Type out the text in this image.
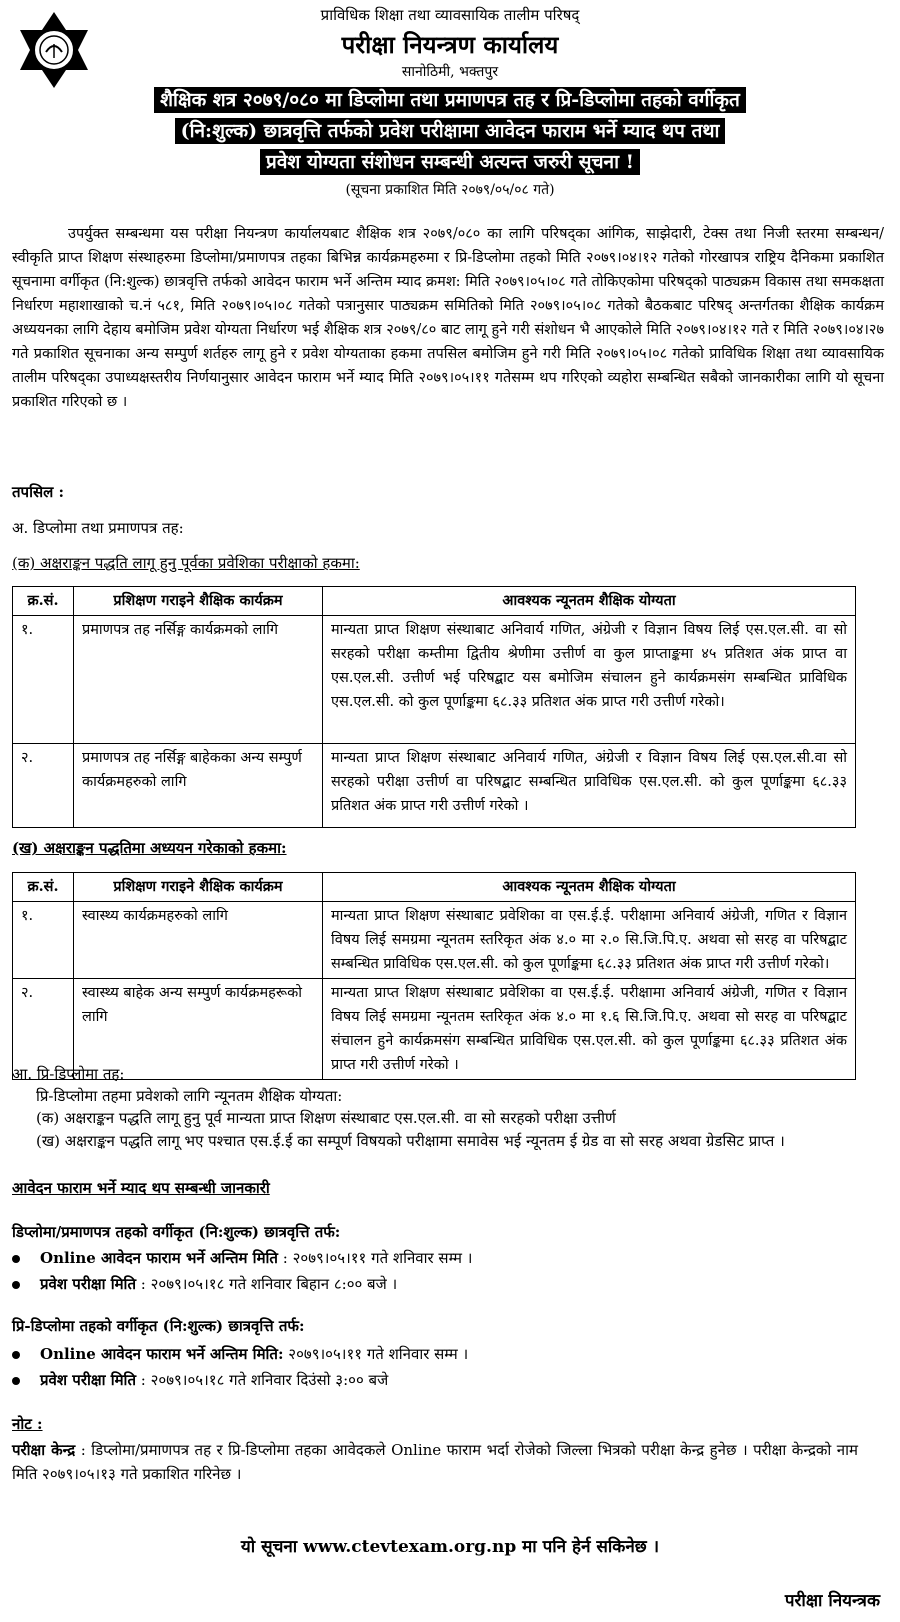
प्राविधिक शिक्षा तथा व्यावसायिक तालीम परिषद्
परीक्षा नियन्त्रण कार्यालय
सानोठिमी, भक्तपुर
शैक्षिक शत्र २०७९/०८० मा डिप्लोमा तथा प्रमाणपत्र तह र प्रि-डिप्लोमा तहको वर्गीकृत
(नि:शुल्क) छात्रवृत्ति तर्फको प्रवेश परीक्षामा आवेदन फाराम भर्ने म्याद थप तथा
प्रवेश योग्यता संशोधन सम्बन्धी अत्यन्त जरुरी सूचना !
(सूचना प्रकाशित मिति २०७९/०५/०८ गते)
उपर्युक्त सम्बन्धमा यस परीक्षा नियन्त्रण कार्यालयबाट शैक्षिक शत्र २०७९/०८० का लागि परिषद्का आंगिक, साझेदारी, टेक्स तथा निजी स्तरमा सम्बन्धन/स्वीकृति प्राप्त शिक्षण संस्थाहरुमा डिप्लोमा/प्रमाणपत्र तहका बिभिन्न कार्यक्रमहरुमा र प्रि-डिप्लोमा तहको मिति २०७९।०४।१२ गतेको गोरखापत्र राष्ट्रिय दैनिकमा प्रकाशित सूचनामा वर्गीकृत (नि:शुल्क) छात्रवृत्ति तर्फको आवेदन फाराम भर्ने अन्तिम म्याद क्रमश: मिति २०७९।०५।०८ गते तोकिएकोमा परिषद्को पाठ्यक्रम विकास तथा समकक्षता निर्धारण महाशाखाको च.नं ५८१, मिति २०७९।०५।०८ गतेको पत्रानुसार पाठ्यक्रम समितिको मिति २०७९।०५।०८ गतेको बैठकबाट परिषद् अन्तर्गतका शैक्षिक कार्यक्रम अध्ययनका लागि देहाय बमोजिम प्रवेश योग्यता निर्धारण भई शैक्षिक शत्र २०७९/८० बाट लागू हुने गरी संशोधन भै आएकोले मिति २०७९।०४।१२ गते र मिति २०७९।०४।२७ गते प्रकाशित सूचनाका अन्य सम्पुर्ण शर्तहरु लागू हुने र प्रवेश योग्यताका हकमा तपसिल बमोजिम हुने गरी मिति २०७९।०५।०८ गतेको प्राविधिक शिक्षा तथा व्यावसायिक तालीम परिषद्का उपाध्यक्षस्तरीय निर्णयानुसार आवेदन फाराम भर्ने म्याद मिति २०७९।०५।११ गतेसम्म थप गरिएको व्यहोरा सम्बन्धित सबैको जानकारीका लागि यो सूचना प्रकाशित गरिएको छ ।
तपसिल :
अ. डिप्लोमा तथा प्रमाणपत्र तह:
(क) अक्षराङ्कन पद्धति लागू हुनु पूर्वका प्रवेशिका परीक्षाको हकमा:
क्र.सं.	प्रशिक्षण गराइने शैक्षिक कार्यक्रम	आवश्यक न्यूनतम शैक्षिक योग्यता
१.	प्रमाणपत्र तह नर्सिङ्ग कार्यक्रमको लागि	मान्यता प्राप्त शिक्षण संस्थाबाट अनिवार्य गणित, अंग्रेजी र विज्ञान विषय लिई एस.एल.सी. वा सो सरहको परीक्षा कम्तीमा द्वितीय श्रेणीमा उत्तीर्ण वा कुल प्राप्ताङ्कमा ४५ प्रतिशत अंक प्राप्त वा एस.एल.सी. उत्तीर्ण भई परिषद्बाट यस बमोजिम संचालन हुने कार्यक्रमसंग सम्बन्धित प्राविधिक एस.एल.सी. को कुल पूर्णाङ्कमा ६८.३३ प्रतिशत अंक प्राप्त गरी उत्तीर्ण गरेको।
२.	प्रमाणपत्र तह नर्सिङ्ग बाहेकका अन्य सम्पुर्ण कार्यक्रमहरुको लागि	मान्यता प्राप्त शिक्षण संस्थाबाट अनिवार्य गणित, अंग्रेजी र विज्ञान विषय लिई एस.एल.सी.वा सो सरहको परीक्षा उत्तीर्ण वा परिषद्बाट सम्बन्धित प्राविधिक एस.एल.सी. को कुल पूर्णाङ्कमा ६८.३३ प्रतिशत अंक प्राप्त गरी उत्तीर्ण गरेको ।
(ख) अक्षराङ्कन पद्धतिमा अध्ययन गरेकाको हकमा:
क्र.सं.	प्रशिक्षण गराइने शैक्षिक कार्यक्रम	आवश्यक न्यूनतम शैक्षिक योग्यता
१.	स्वास्थ्य कार्यक्रमहरुको लागि	मान्यता प्राप्त शिक्षण संस्थाबाट प्रवेशिका वा एस.ई.ई. परीक्षामा अनिवार्य अंग्रेजी, गणित र विज्ञान विषय लिई समग्रमा न्यूनतम स्तरिकृत अंक ४.० मा २.० सि.जि.पि.ए. अथवा सो सरह वा परिषद्बाट सम्बन्धित प्राविधिक एस.एल.सी. को कुल पूर्णाङ्कमा ६८.३३ प्रतिशत अंक प्राप्त गरी उत्तीर्ण गरेको।
२.	स्वास्थ्य बाहेक अन्य सम्पुर्ण कार्यक्रमहरूको लागि	मान्यता प्राप्त शिक्षण संस्थाबाट प्रवेशिका वा एस.ई.ई. परीक्षामा अनिवार्य अंग्रेजी, गणित र विज्ञान विषय लिई समग्रमा न्यूनतम स्तरिकृत अंक ४.० मा १.६ सि.जि.पि.ए. अथवा सो सरह वा परिषद्बाट संचालन हुने कार्यक्रमसंग सम्बन्धित प्राविधिक एस.एल.सी. को कुल पूर्णाङ्कमा ६८.३३ प्रतिशत अंक प्राप्त गरी उत्तीर्ण गरेको ।
आ. प्रि-डिप्लोमा तह:
प्रि-डिप्लोमा तहमा प्रवेशको लागि न्यूनतम शैक्षिक योग्यता:
(क) अक्षराङ्कन पद्धति लागू हुनु पूर्व मान्यता प्राप्त शिक्षण संस्थाबाट एस.एल.सी. वा सो सरहको परीक्षा उत्तीर्ण
(ख) अक्षराङ्कन पद्धति लागू भए पश्चात एस.ई.ई का सम्पूर्ण विषयको परीक्षामा समावेस भई न्यूनतम ई ग्रेड वा सो सरह अथवा ग्रेडसिट प्राप्त ।
आवेदन फाराम भर्ने म्याद थप सम्बन्धी जानकारी
डिप्लोमा/प्रमाणपत्र तहको वर्गीकृत (नि:शुल्क) छात्रवृत्ति तर्फ:
Online आवेदन फाराम भर्ने अन्तिम मिति : २०७९।०५।११ गते शनिवार सम्म ।
प्रवेश परीक्षा मिति : २०७९।०५।१८ गते शनिवार बिहान ८:०० बजे ।
प्रि-डिप्लोमा तहको वर्गीकृत (नि:शुल्क) छात्रवृत्ति तर्फ:
Online आवेदन फाराम भर्ने अन्तिम मिति: २०७९।०५।११ गते शनिवार सम्म ।
प्रवेश परीक्षा मिति : २०७९।०५।१८ गते शनिवार दिउंसो ३:०० बजे
नोट :
परीक्षा केन्द्र : डिप्लोमा/प्रमाणपत्र तह र प्रि-डिप्लोमा तहका आवेदकले Online फाराम भर्दा रोजेको जिल्ला भित्रको परीक्षा केन्द्र हुनेछ । परीक्षा केन्द्रको नाम मिति २०७९।०५।१३ गते प्रकाशित गरिनेछ ।
यो सूचना www.ctevtexam.org.np मा पनि हेर्न सकिनेछ ।
परीक्षा नियन्त्रक
